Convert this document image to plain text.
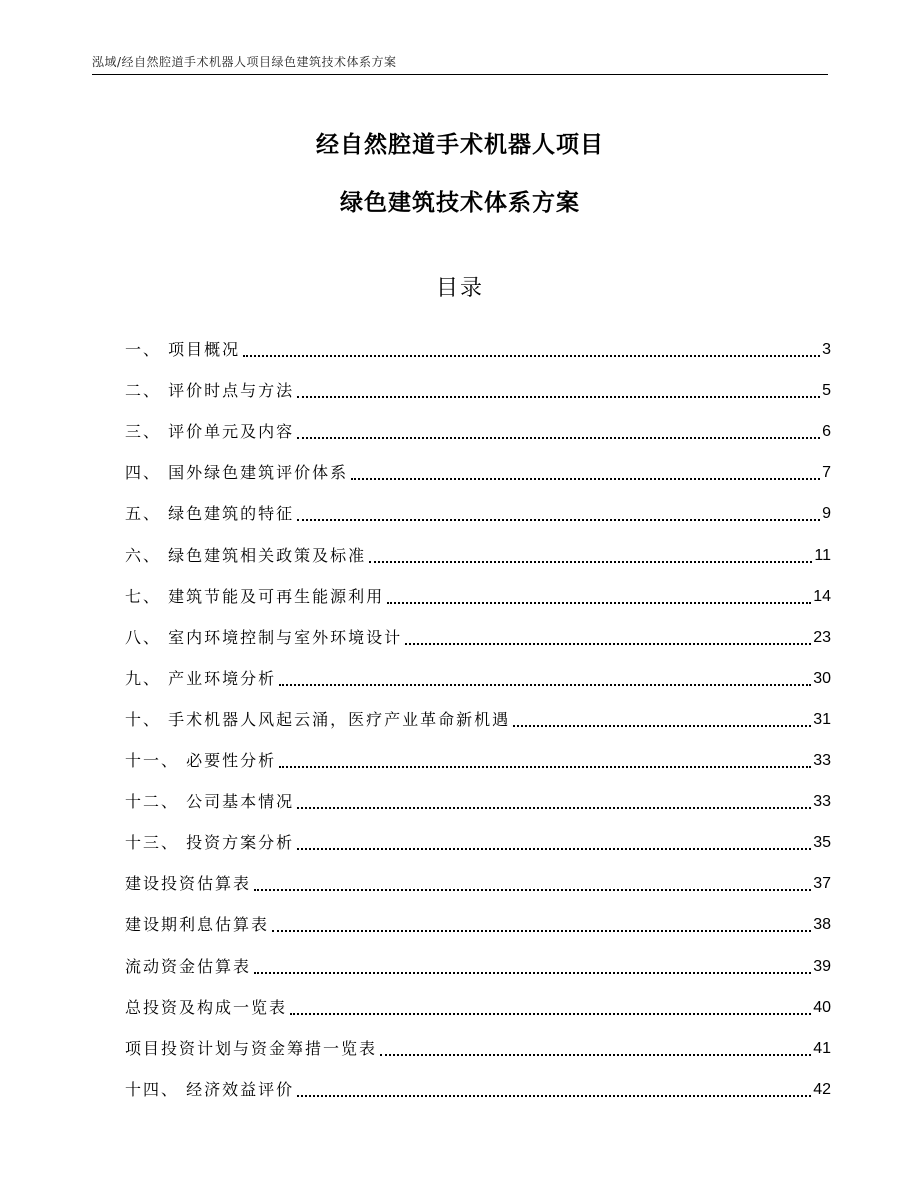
泓域/经自然腔道手术机器人项目绿色建筑技术体系方案
经自然腔道手术机器人项目
绿色建筑技术体系方案
目录
一、 项目概况	3
二、 评价时点与方法	5
三、 评价单元及内容	6
四、 国外绿色建筑评价体系	7
五、 绿色建筑的特征	9
六、 绿色建筑相关政策及标准	11
七、 建筑节能及可再生能源利用	14
八、 室内环境控制与室外环境设计	23
九、 产业环境分析	30
十、 手术机器人风起云涌，医疗产业革命新机遇	31
十一、 必要性分析	33
十二、 公司基本情况	33
十三、 投资方案分析	35
建设投资估算表	37
建设期利息估算表	38
流动资金估算表	39
总投资及构成一览表	40
项目投资计划与资金筹措一览表	41
十四、 经济效益评价	42
